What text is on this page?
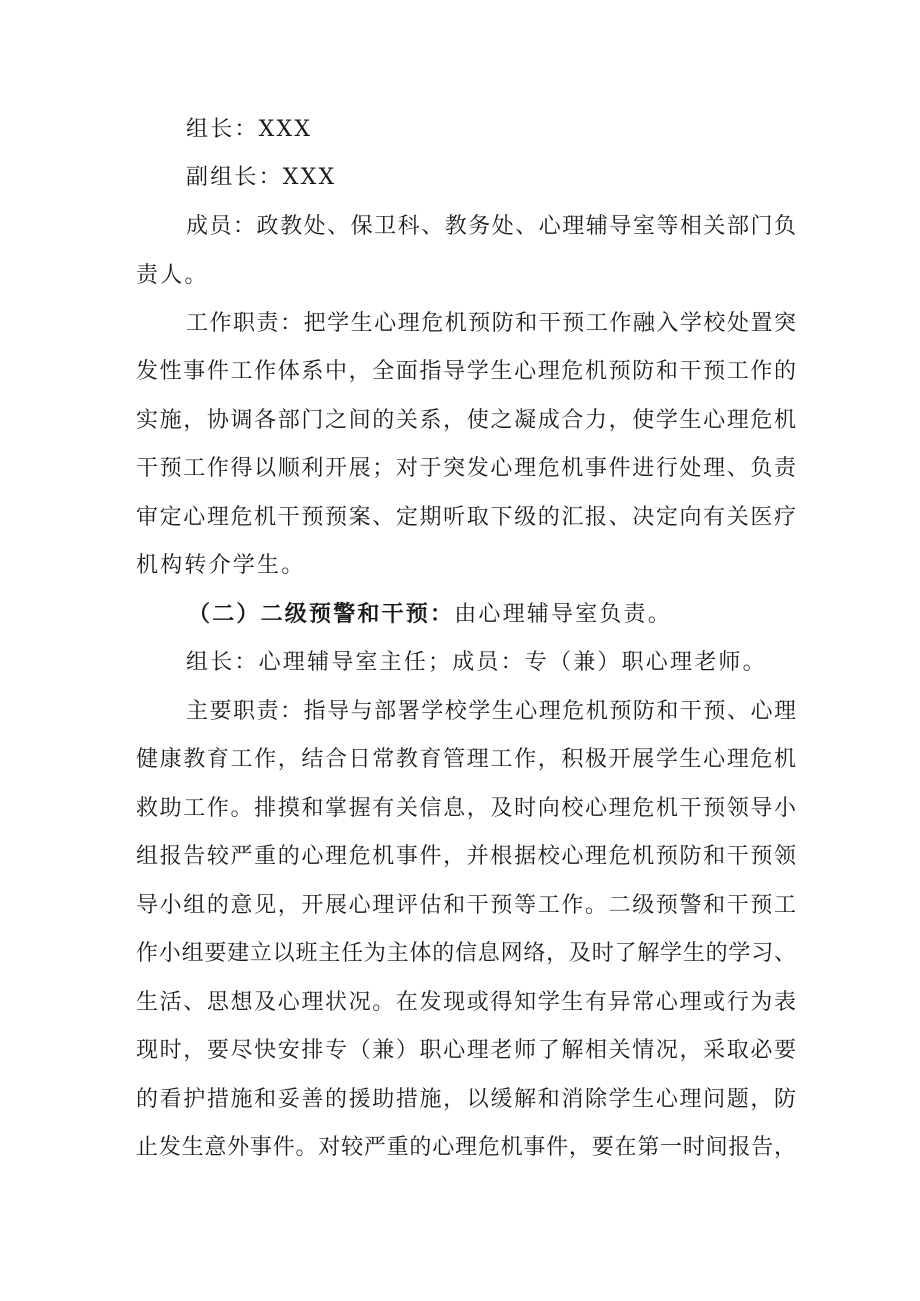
组长：XXX
副组长：XXX
成员：政教处、保卫科、教务处、心理辅导室等相关部门负
责人。
工作职责：把学生心理危机预防和干预工作融入学校处置突
发性事件工作体系中，全面指导学生心理危机预防和干预工作的
实施，协调各部门之间的关系，使之凝成合力，使学生心理危机
干预工作得以顺利开展；对于突发心理危机事件进行处理、负责
审定心理危机干预预案、定期听取下级的汇报、决定向有关医疗
机构转介学生。
（二）二级预警和干预：由心理辅导室负责。
组长：心理辅导室主任；成员：专（兼）职心理老师。
主要职责：指导与部署学校学生心理危机预防和干预、心理
健康教育工作，结合日常教育管理工作，积极开展学生心理危机
救助工作。排摸和掌握有关信息，及时向校心理危机干预领导小
组报告较严重的心理危机事件，并根据校心理危机预防和干预领
导小组的意见，开展心理评估和干预等工作。二级预警和干预工
作小组要建立以班主任为主体的信息网络，及时了解学生的学习、
生活、思想及心理状况。在发现或得知学生有异常心理或行为表
现时，要尽快安排专（兼）职心理老师了解相关情况，采取必要
的看护措施和妥善的援助措施，以缓解和消除学生心理问题，防
止发生意外事件。对较严重的心理危机事件，要在第一时间报告，
